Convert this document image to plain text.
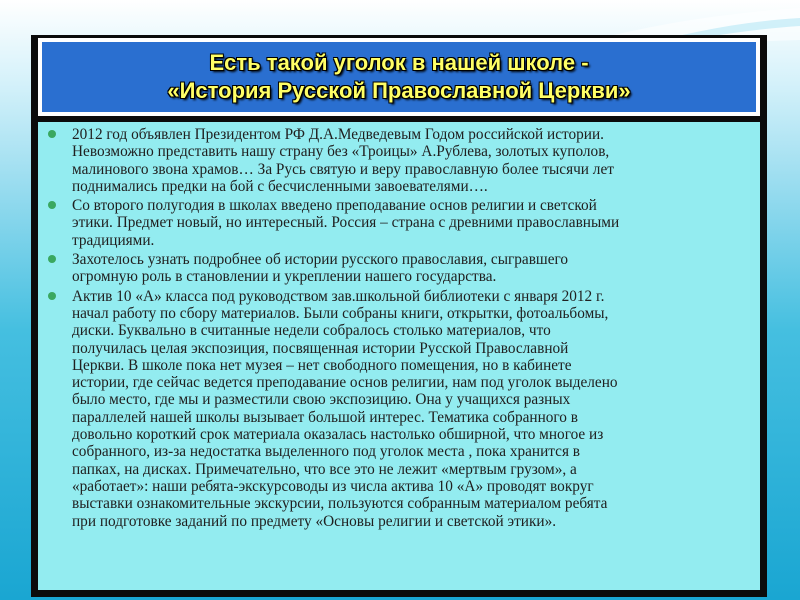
Есть такой уголок в нашей школе -
«История Русской Православной Церкви»
2012 год объявлен Президентом РФ Д.А.Медведевым Годом российской истории.
Невозможно представить нашу страну без «Троицы» А.Рублева, золотых куполов,
малинового звона храмов… За Русь святую и веру православную более тысячи лет
поднимались предки на бой с бесчисленными завоевателями….
Со второго полугодия в школах введено преподавание основ религии и светской
этики. Предмет новый, но интересный. Россия – страна с древними православными
традициями.
Захотелось узнать подробнее об истории русского православия, сыгравшего
огромную роль в становлении и укреплении нашего государства.
Актив 10 «А» класса под руководством зав.школьной библиотеки с января 2012 г.
начал работу по сбору материалов. Были собраны книги, открытки, фотоальбомы,
диски. Буквально в считанные недели собралось столько материалов, что
получилась целая экспозиция, посвященная истории Русской Православной
Церкви. В школе пока нет музея – нет свободного помещения, но в кабинете
истории, где сейчас ведется преподавание основ религии, нам под уголок выделено
было место, где мы и разместили свою экспозицию. Она у учащихся разных
параллелей нашей школы вызывает большой интерес. Тематика собранного в
довольно короткий срок материала оказалась настолько обширной, что многое из
собранного, из-за недостатка выделенного под уголок места , пока хранится в
папках, на дисках. Примечательно, что все это не лежит «мертвым грузом», а
«работает»: наши ребята-экскурсоводы из числа актива 10 «А» проводят вокруг
выставки ознакомительные экскурсии, пользуются собранным материалом ребята
при подготовке заданий по предмету «Основы религии и светской этики».
